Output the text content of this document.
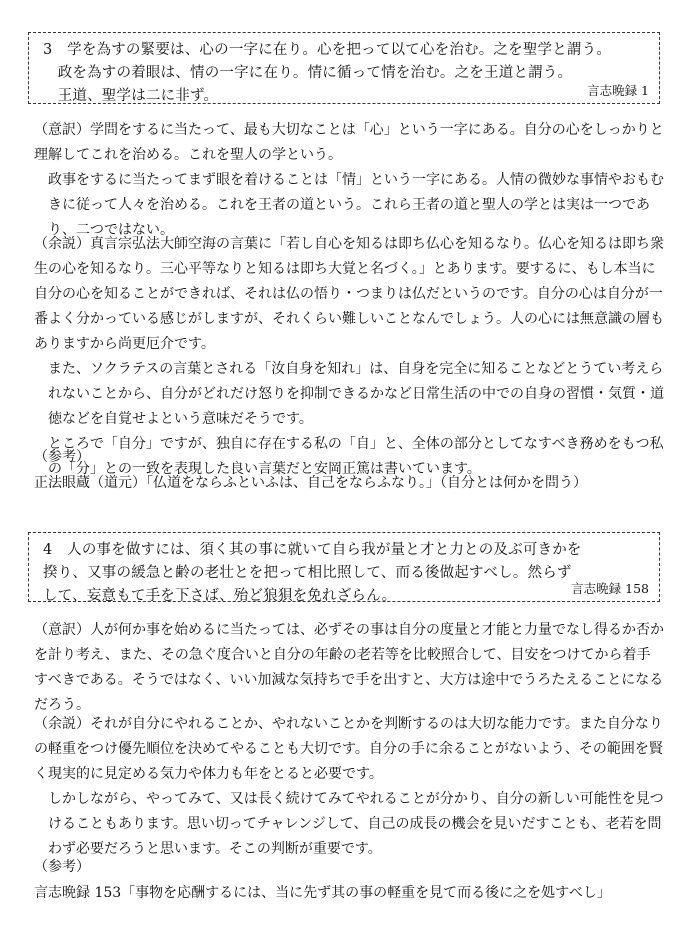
3　学を為すの緊要は、心の一字に在り。心を把って以て心を治む。之を聖学と謂う。
　政を為すの着眼は、情の一字に在り。情に循って情を治む。之を王道と謂う。
　王道、聖学は二に非ず。	言志晩録 1

（意訳）学問をするに当たって、最も大切なことは「心」という一字にある。自分の心をしっかりと理解してこれを治める。これを聖人の学という。

政事をするに当たってまず眼を着けることは「情」という一字にある。人情の微妙な事情やおもむきに従って人々を治める。これを王者の道という。これら王者の道と聖人の学とは実は一つであり、二つではない。

（余説）真言宗弘法大師空海の言葉に「若し自心を知るは即ち仏心を知るなり。仏心を知るは即ち衆生の心を知るなり。三心平等なりと知るは即ち大覚と名づく。」とあります。要するに、もし本当に自分の心を知ることができれば、それは仏の悟り・つまりは仏だというのです。自分の心は自分が一番よく分かっている感じがしますが、それくらい難しいことなんでしょう。人の心には無意識の層もありますから尚更厄介です。

また、ソクラテスの言葉とされる「汝自身を知れ」は、自身を完全に知ることなどとうてい考えられないことから、自分がどれだけ怒りを抑制できるかなど日常生活の中での自身の習慣・気質・道徳などを自覚せよという意味だそうです。

ところで「自分」ですが、独自に存在する私の「自」と、全体の部分としてなすべき務めをもつ私の「分」との一致を表現した良い言葉だと安岡正篤は書いています。

（参考）
正法眼蔵（道元）「仏道をならふといふは、自己をならふなり。」（自分とは何かを問う）
4　人の事を做すには、須く其の事に就いて自ら我が量と才と力との及ぶ可きかを
揆り、又事の緩急と齢の老壮とを把って相比照して、而る後做起すべし。然らず
して、妄意もて手を下さば、殆ど狼狽を免れざらん。	言志晩録 158

（意訳）人が何か事を始めるに当たっては、必ずその事は自分の度量と才能と力量でなし得るか否かを計り考え、また、その急ぐ度合いと自分の年齢の老若等を比較照合して、目安をつけてから着手すべきである。そうではなく、いい加減な気持ちで手を出すと、大方は途中でうろたえることになるだろう。

（余説）それが自分にやれることか、やれないことかを判断するのは大切な能力です。また自分なりの軽重をつけ優先順位を決めてやることも大切です。自分の手に余ることがないよう、その範囲を賢く現実的に見定める気力や体力も年をとると必要です。

しかしながら、やってみて、又は長く続けてみてやれることが分かり、自分の新しい可能性を見つけることもあります。思い切ってチャレンジして、自己の成長の機会を見いだすことも、老若を問わず必要だろうと思います。そこの判断が重要です。

（参考）
言志晩録 153「事物を応酬するには、当に先ず其の事の軽重を見て而る後に之を処すべし」
